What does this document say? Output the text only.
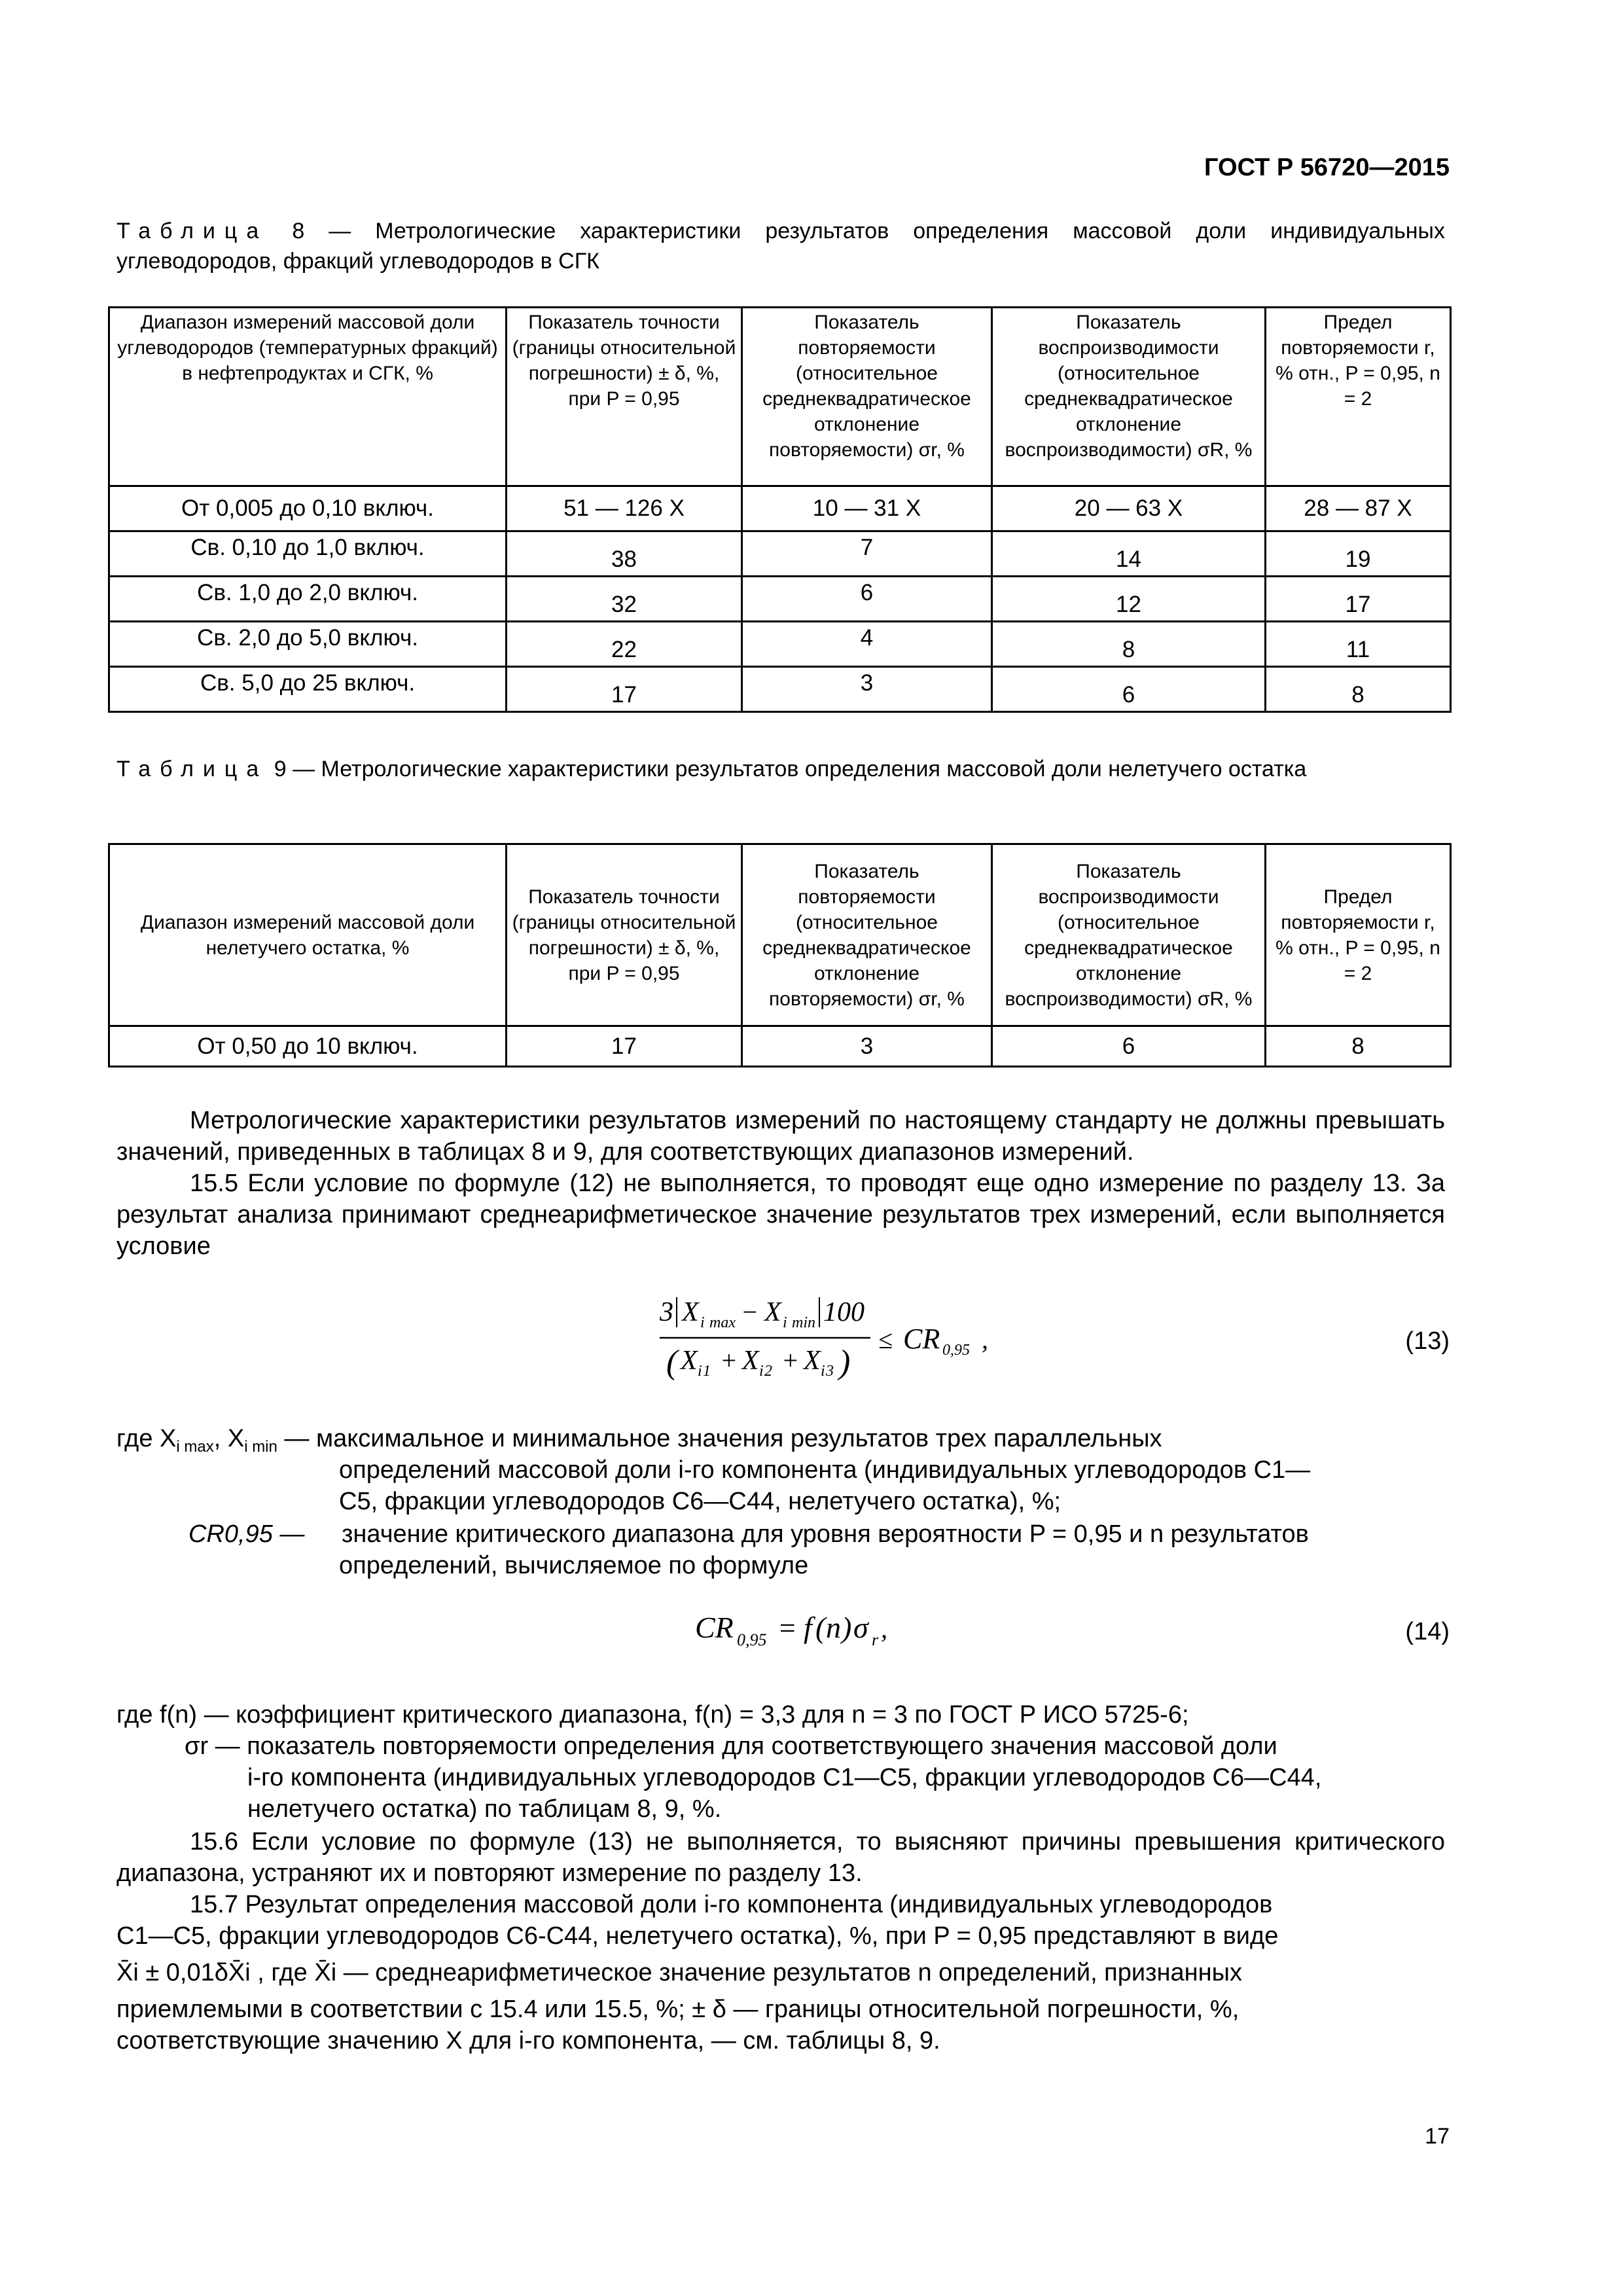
ГОСТ Р 56720—2015
Таблица 8 — Метрологические характеристики результатов определения массовой доли индивидуальных углеводородов, фракций углеводородов в СГК
Диапазон измерений массовой доли углеводородов (температурных фракций) в нефтепродуктах и СГК, %	Показатель точности (границы относительной погрешности) ± δ, %, при P = 0,95	Показатель повторяемости (относительное среднеквадратическое отклонение повторяемости) σr, %	Показатель воспроизводимости (относительное среднеквадратическое отклонение воспроизводимости) σR, %	Предел повторяемости r, % отн., P = 0,95, n = 2
От 0,005 до 0,10 включ.	51 — 126 X	10 — 31 X	20 — 63 X	28 — 87 X
Св. 0,10 до 1,0 включ.	38	7	14	19
Св. 1,0 до 2,0 включ.	32	6	12	17
Св. 2,0 до 5,0 включ.	22	4	8	11
Св. 5,0 до 25 включ.	17	3	6	8
Таблица 9 — Метрологические характеристики результатов определения массовой доли нелетучего остатка
Диапазон измерений массовой доли нелетучего остатка, %	Показатель точности (границы относительной погрешности) ± δ, %, при P = 0,95	Показатель повторяемости (относительное среднеквадратическое отклонение повторяемости) σr, %	Показатель воспроизводимости (относительное среднеквадратическое отклонение воспроизводимости) σR, %	Предел повторяемости r, % отн., P = 0,95, n = 2
От 0,50 до 10 включ.	17	3	6	8
Метрологические характеристики результатов измерений по настоящему стандарту не должны превышать значений, приведенных в таблицах 8 и 9, для соответствующих диапазонов измерений.
15.5 Если условие по формуле (12) не выполняется, то проводят еще одно измерение по разделу 13. За результат анализа принимают среднеарифметическое значение результатов трех измерений, если выполняется условие
3 X i max − X i min 100
( X i 1 + X i 2 + X i 3 )
≤ CR 0,95 ,	(13)
где $X_{i max}$, $X_{i min}$ — максимальное и минимальное значения результатов трех параллельных
определений массовой доли i-го компонента (индивидуальных углеводородов С1—
С5, фракции углеводородов С6—С44, нелетучего остатка), %;
CR0,95 — значение критического диапазона для уровня вероятности P = 0,95 и n результатов
определений, вычисляемое по формуле
CR 0,95 = f ( n ) σ r ,	(14)
где f(n) — коэффициент критического диапазона, f(n) = 3,3 для n = 3 по ГОСТ Р ИСО 5725-6;
σr — показатель повторяемости определения для соответствующего значения массовой доли
i-го компонента (индивидуальных углеводородов С1—С5, фракции углеводородов С6—С44,
нелетучего остатка) по таблицам 8, 9, %.
15.6 Если условие по формуле (13) не выполняется, то выясняют причины превышения критического диапазона, устраняют их и повторяют измерение по разделу 13.
15.7 Результат определения массовой доли i-го компонента (индивидуальных углеводородов
С1—С5, фракции углеводородов С6-С44, нелетучего остатка), %, при P = 0,95 представляют в виде
X̄i ± 0,01δX̄i , где X̄i — среднеарифметическое значение результатов n определений, признанных
приемлемыми в соответствии с 15.4 или 15.5, %; ± δ — границы относительной погрешности, %,
соответствующие значению X для i-го компонента, — см. таблицы 8, 9.
17
